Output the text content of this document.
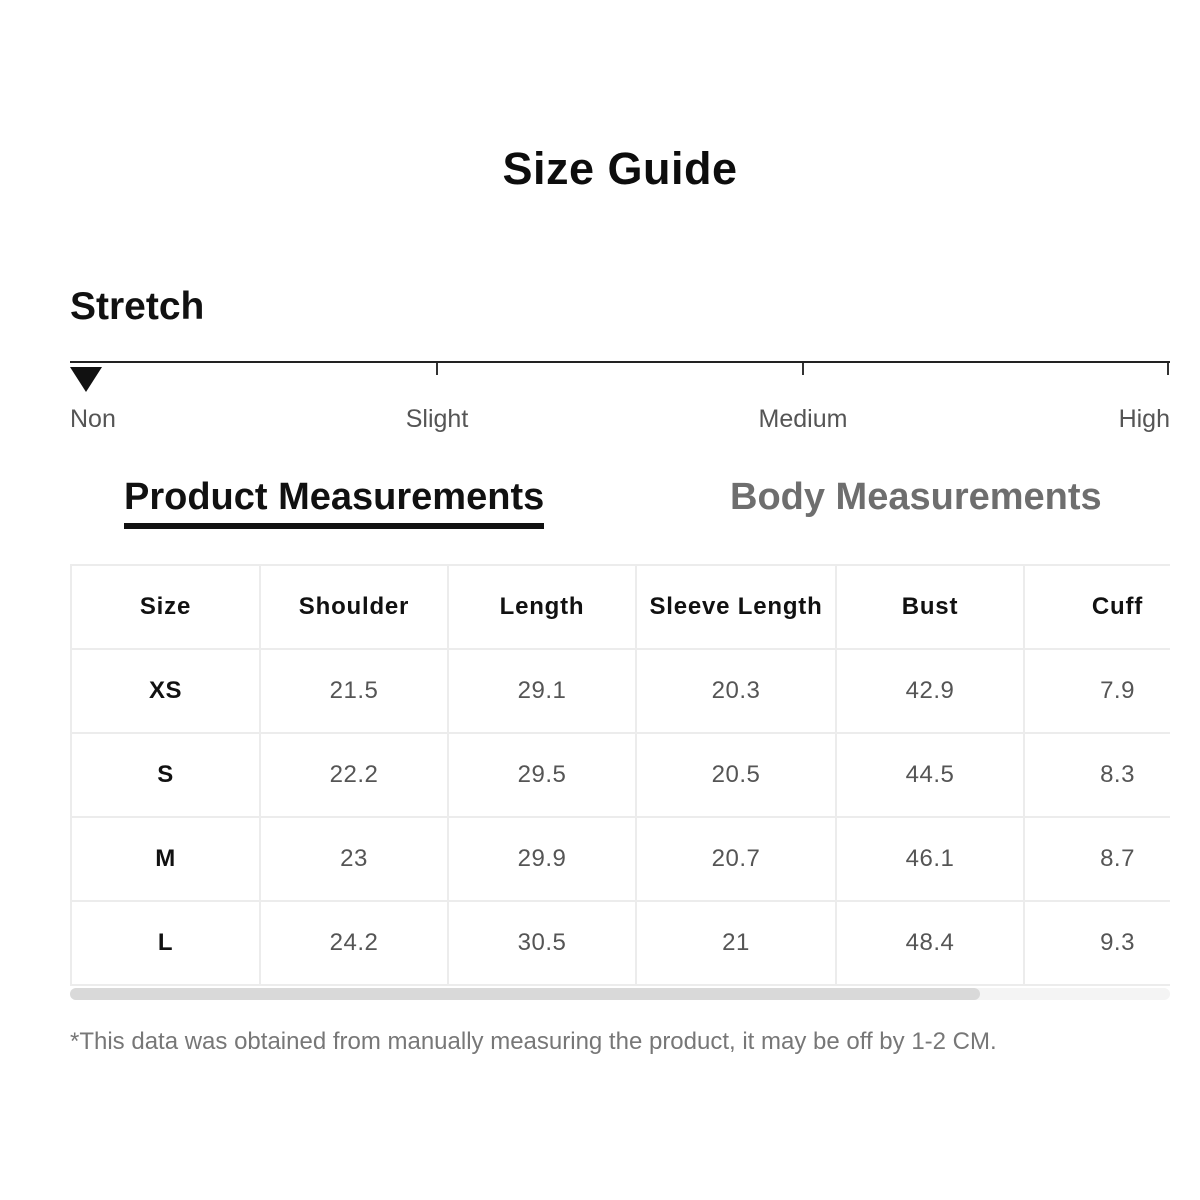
Size Guide
Stretch
Non	Slight	Medium	High
Product Measurements	Body Measurements
Size	Shoulder	Length	Sleeve Length	Bust	Cuff
XS	21.5	29.1	20.3	42.9	7.9
S	22.2	29.5	20.5	44.5	8.3
M	23	29.9	20.7	46.1	8.7
L	24.2	30.5	21	48.4	9.3
*This data was obtained from manually measuring the product, it may be off by 1-2 CM.
